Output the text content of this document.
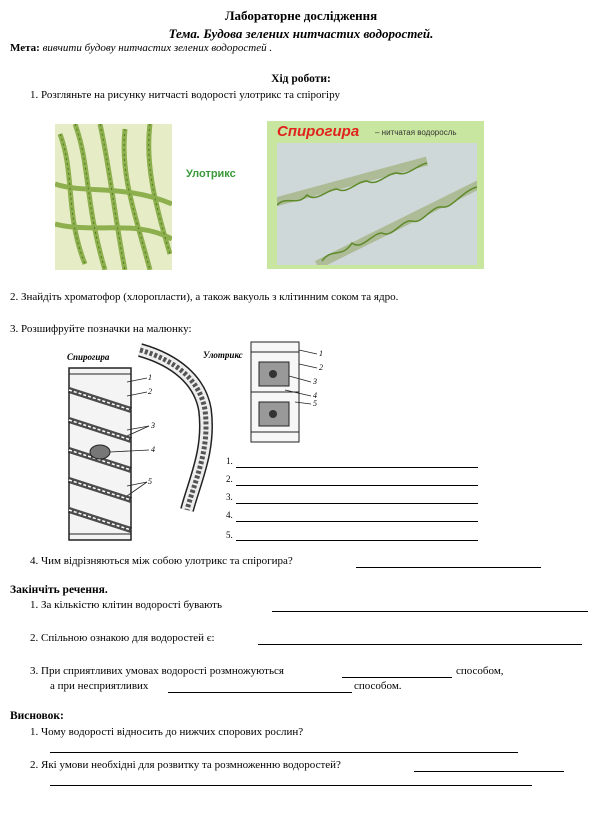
Лабораторне дослідження
Тема. Будова зелених нитчастих водоростей.
Мета: вивчити будову нитчастих зелених водоростей .
Хід роботи:
1. Розгляньте на рисунку нитчасті водорості улотрикс та спірогіру
Улотрикс
Спирогира – нитчатая водоросль
2. Знайдіть хроматофор (хлоропласти), а також вакуоль з клітинним соком та ядро.
3. Розшифруйте позначки на малюнку:
Спирогира	Улотрикс
1
2
3
4
5
1
2
3
4
5
1.
2.
3.
4.
5.
4. Чим відрізняються між собою улотрикс та спірогира?
Закінчіть речення.
1. За кількістю клітин водорості бувають
2. Спільною ознакою для водоростей є:
3. При сприятливих умовах водорості розмножуються	способом,
а при несприятливих	способом.
Висновок:
1. Чому водорості відносить до нижчих спорових рослин?
2. Які умови необхідні для розвитку та розмноженню водоростей?
